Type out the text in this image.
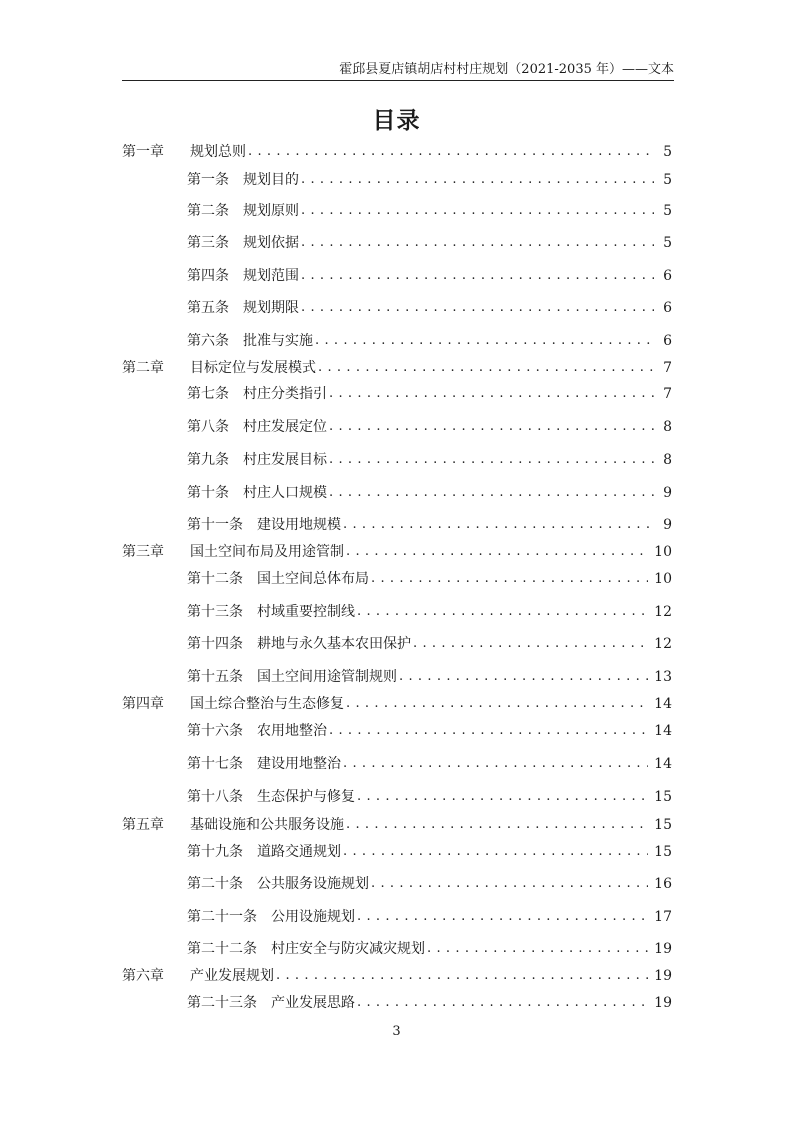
霍邱县夏店镇胡店村村庄规划（2021-2035 年）——文本
目录
第一章	规划总则 . . .	5
第一条 规划目的 . . .	5
第二条 规划原则 . . .	5
第三条 规划依据 . . .	5
第四条 规划范围 . . .	6
第五条 规划期限 . . .	6
第六条 批准与实施 . . .	6
第二章	目标定位与发展模式 . . .	7
第七条 村庄分类指引 . . .	7
第八条 村庄发展定位 . . .	8
第九条 村庄发展目标 . . .	8
第十条 村庄人口规模 . . .	9
第十一条 建设用地规模 . . .	9
第三章	国土空间布局及用途管制 . . .	10
第十二条 国土空间总体布局 . . .	10
第十三条 村域重要控制线 . . .	12
第十四条 耕地与永久基本农田保护 . . .	12
第十五条 国土空间用途管制规则 . . .	13
第四章	国土综合整治与生态修复 . . .	14
第十六条 农用地整治 . . .	14
第十七条 建设用地整治 . . .	14
第十八条 生态保护与修复 . . .	15
第五章	基础设施和公共服务设施 . . .	15
第十九条 道路交通规划 . . .	15
第二十条 公共服务设施规划 . . .	16
第二十一条 公用设施规划 . . .	17
第二十二条 村庄安全与防灾减灾规划 . . .	19
第六章	产业发展规划 . . .	19
第二十三条 产业发展思路 . . .	19
3
